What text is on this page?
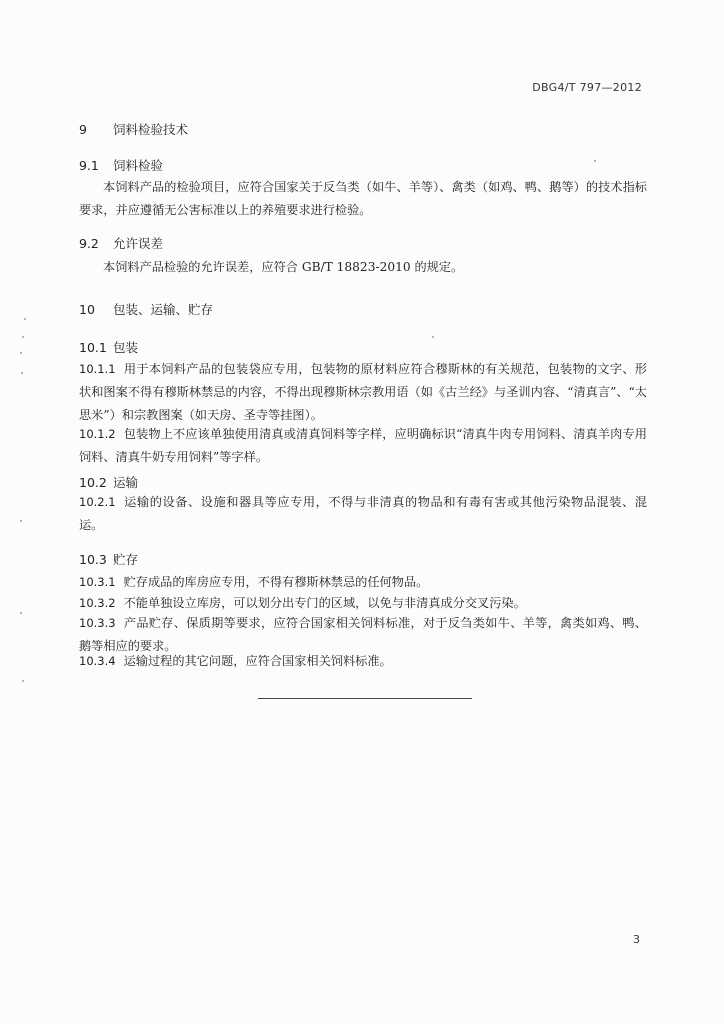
DBG4/T 797—2012
9 饲料检验技术
9.1 饲料检验
本饲料产品的检验项目，应符合国家关于反刍类（如牛、羊等）、禽类（如鸡、鸭、鹅等）的技术指标要求，并应遵循无公害标准以上的养殖要求进行检验。
9.2 允许误差
本饲料产品检验的允许误差，应符合 GB/T 18823-2010 的规定。
10 包装、运输、贮存
10.1 包装
10.1.1 用于本饲料产品的包装袋应专用，包装物的原材料应符合穆斯林的有关规范，包装物的文字、形状和图案不得有穆斯林禁忌的内容，不得出现穆斯林宗教用语（如《古兰经》与圣训内容、“清真言”、“太思米”）和宗教图案（如天房、圣寺等挂图）。
10.1.2 包装物上不应该单独使用清真或清真饲料等字样，应明确标识“清真牛肉专用饲料、清真羊肉专用饲料、清真牛奶专用饲料”等字样。
10.2 运输
10.2.1 运输的设备、设施和器具等应专用，不得与非清真的物品和有毒有害或其他污染物品混装、混运。
10.3 贮存
10.3.1 贮存成品的库房应专用，不得有穆斯林禁忌的任何物品。
10.3.2 不能单独设立库房，可以划分出专门的区域，以免与非清真成分交叉污染。
10.3.3 产品贮存、保质期等要求，应符合国家相关饲料标准，对于反刍类如牛、羊等，禽类如鸡、鸭、鹅等相应的要求。
10.3.4 运输过程的其它问题，应符合国家相关饲料标准。
3
